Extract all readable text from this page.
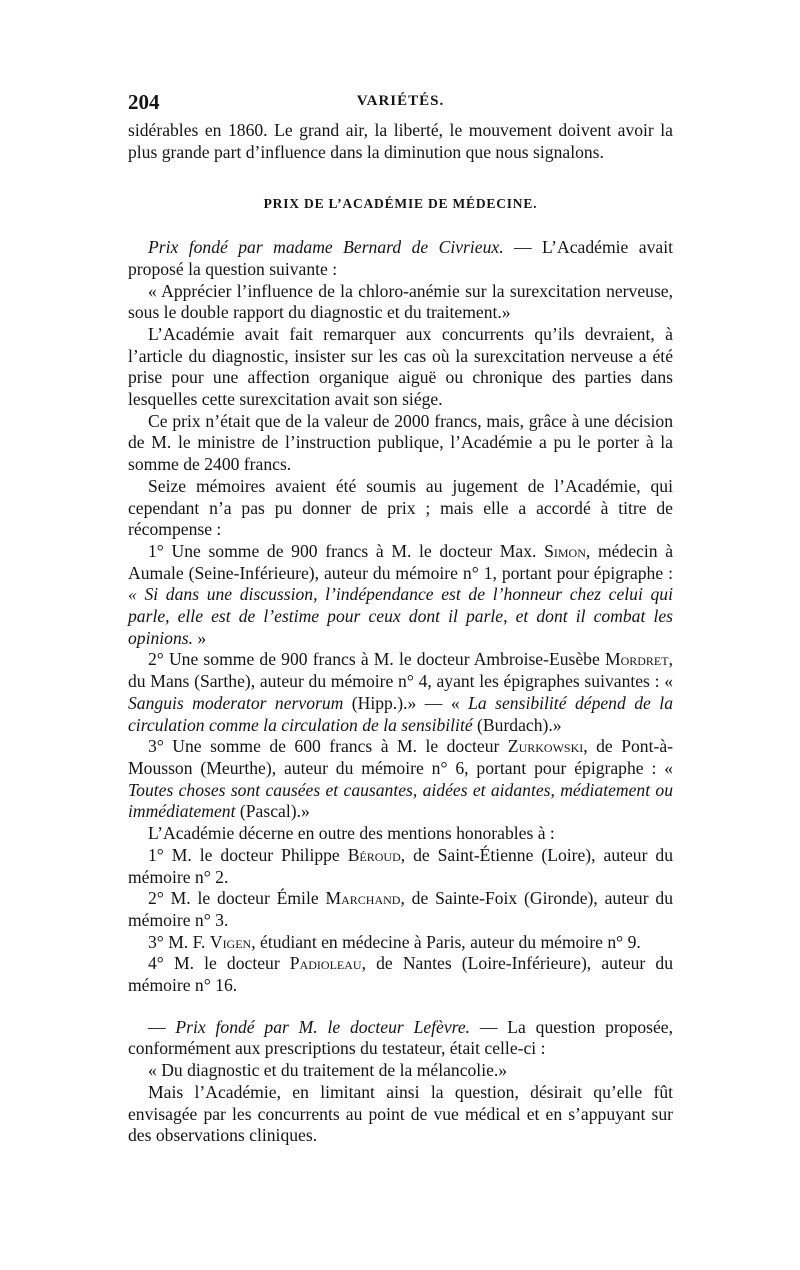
204	VARIÉTÉS.

sidérables en 1860. Le grand air, la liberté, le mouvement doivent avoir la plus grande part d’influence dans la diminution que nous signalons.

PRIX DE L’ACADÉMIE DE MÉDECINE.

Prix fondé par madame Bernard de Civrieux. — L’Académie avait proposé la question suivante :

« Apprécier l’influence de la chloro-anémie sur la surexcitation nerveuse, sous le double rapport du diagnostic et du traitement.»

L’Académie avait fait remarquer aux concurrents qu’ils devraient, à l’article du diagnostic, insister sur les cas où la surexcitation nerveuse a été prise pour une affection organique aiguë ou chronique des parties dans lesquelles cette surexcitation avait son siége.

Ce prix n’était que de la valeur de 2000 francs, mais, grâce à une décision de M. le ministre de l’instruction publique, l’Académie a pu le porter à la somme de 2400 francs.

Seize mémoires avaient été soumis au jugement de l’Académie, qui cependant n’a pas pu donner de prix ; mais elle a accordé à titre de récompense :

1° Une somme de 900 francs à M. le docteur Max. Simon, médecin à Aumale (Seine-Inférieure), auteur du mémoire n° 1, portant pour épigraphe : « Si dans une discussion, l’indépendance est de l’honneur chez celui qui parle, elle est de l’estime pour ceux dont il parle, et dont il combat les opinions. »

2° Une somme de 900 francs à M. le docteur Ambroise-Eusèbe Mordret, du Mans (Sarthe), auteur du mémoire n° 4, ayant les épigraphes suivantes : « Sanguis moderator nervorum (Hipp.).» — « La sensibilité dépend de la circulation comme la circulation de la sensibilité (Burdach).»

3° Une somme de 600 francs à M. le docteur Zurkowski, de Pont-à-Mousson (Meurthe), auteur du mémoire n° 6, portant pour épigraphe : « Toutes choses sont causées et causantes, aidées et aidantes, médiatement ou immédiatement (Pascal).»

L’Académie décerne en outre des mentions honorables à :

1° M. le docteur Philippe Béroud, de Saint-Étienne (Loire), auteur du mémoire n° 2.

2° M. le docteur Émile Marchand, de Sainte-Foix (Gironde), auteur du mémoire n° 3.

3° M. F. Vigen, étudiant en médecine à Paris, auteur du mémoire n° 9.

4° M. le docteur Padioleau, de Nantes (Loire-Inférieure), auteur du mémoire n° 16.

— Prix fondé par M. le docteur Lefèvre. — La question proposée, conformément aux prescriptions du testateur, était celle-ci :

« Du diagnostic et du traitement de la mélancolie.»

Mais l’Académie, en limitant ainsi la question, désirait qu’elle fût envisagée par les concurrents au point de vue médical et en s’appuyant sur des observations cliniques.
